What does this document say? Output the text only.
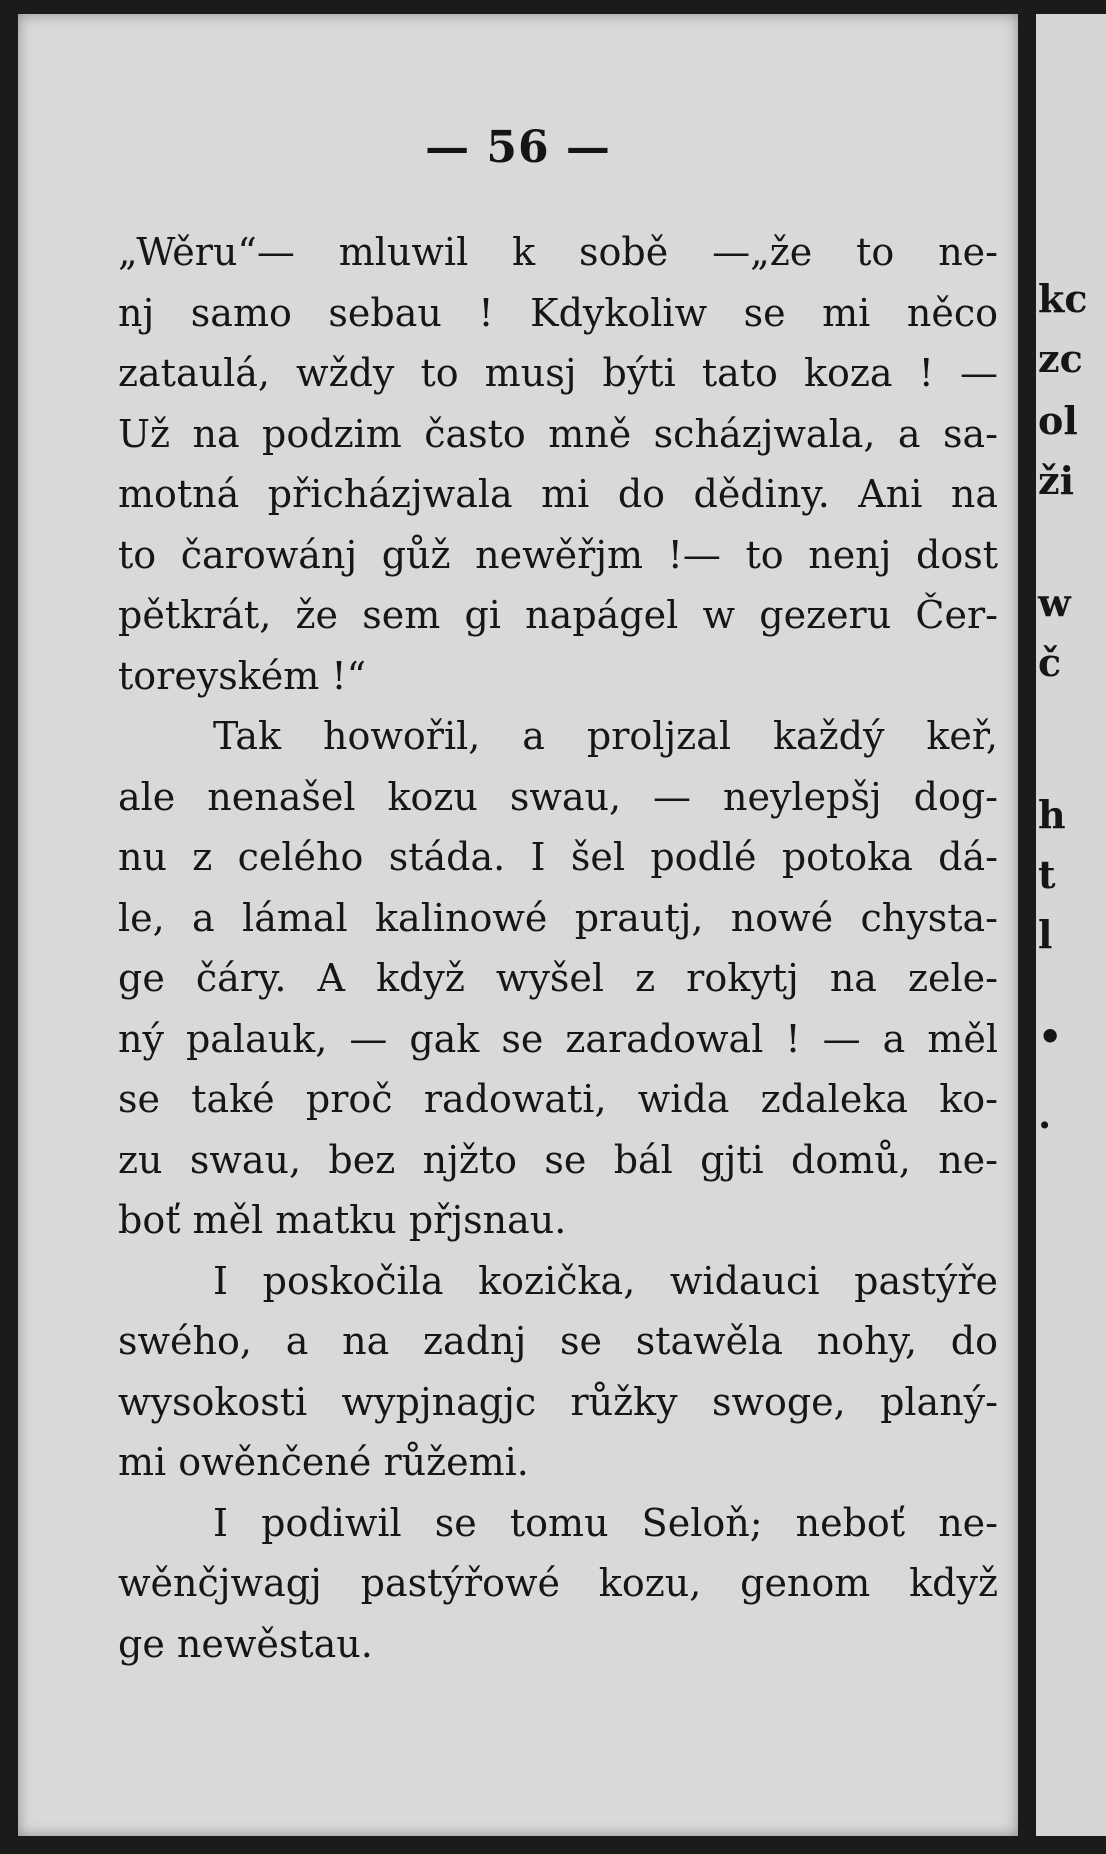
— 56 —
„Wěru“— mluwil k sobě —„že to ne-
nj samo sebau ! Kdykoliw se mi něco
zataulá, wždy to musj býti tato koza ! —
Už na podzim často mně scházjwala, a sa-
motná přicházjwala mi do dědiny. Ani na
to čarowánj gůž newěřjm !— to nenj dost
pětkrát, že sem gi napágel w gezeru Čer-
toreyském !“
Tak howořil, a proljzal každý keř,
ale nenašel kozu swau, — neylepšj dog-
nu z celého stáda. I šel podlé potoka dá-
le, a lámal kalinowé prautj, nowé chysta-
ge čáry. A když wyšel z rokytj na zele-
ný palauk, — gak se zaradowal ! — a měl
se také proč radowati, wida zdaleka ko-
zu swau, bez njžto se bál gjti domů, ne-
boť měl matku přjsnau.
I poskočila kozička, widauci pastýře
swého, a na zadnj se stawěla nohy, do
wysokosti wypjnagjc růžky swoge, planý-
mi owěnčené růžemi.
I podiwil se tomu Seloň; neboť ne-
wěnčjwagj pastýřowé kozu, genom když
ge newěstau.
kc
zc
ol
ži
w
č
h
t
l
•
.
